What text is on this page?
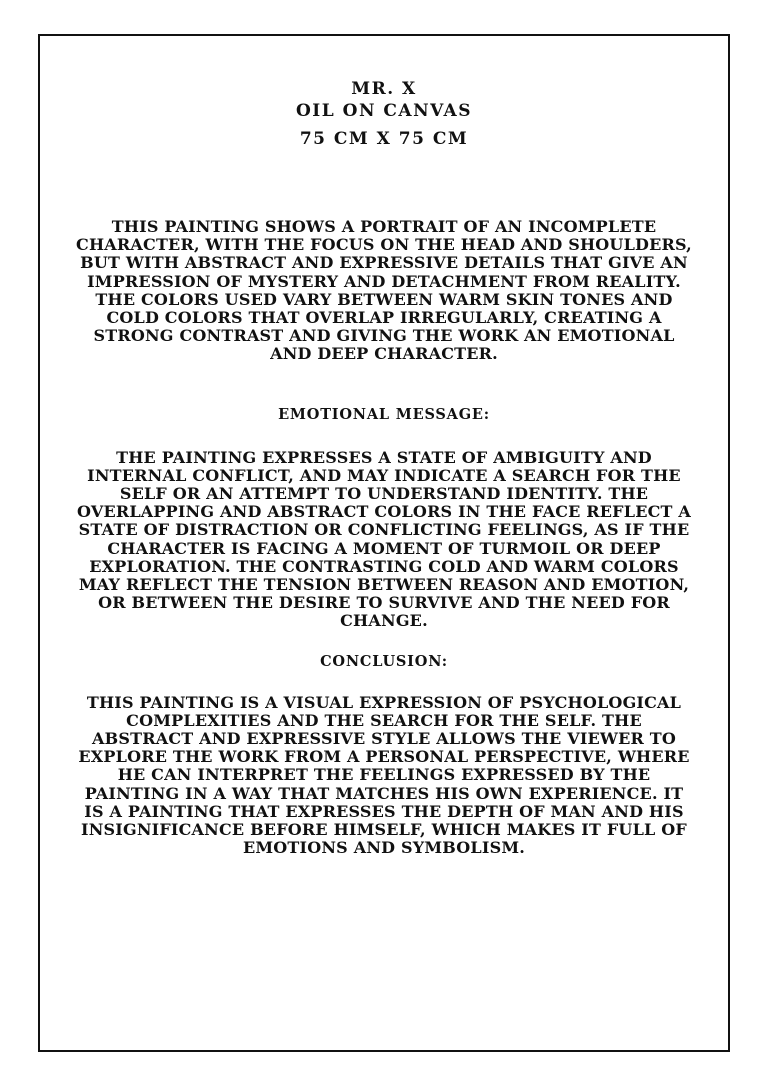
MR. X
OIL ON CANVAS
75 CM X 75 CM

THIS PAINTING SHOWS A PORTRAIT OF AN INCOMPLETE CHARACTER, WITH THE FOCUS ON THE HEAD AND SHOULDERS, BUT WITH ABSTRACT AND EXPRESSIVE DETAILS THAT GIVE AN IMPRESSION OF MYSTERY AND DETACHMENT FROM REALITY. THE COLORS USED VARY BETWEEN WARM SKIN TONES AND COLD COLORS THAT OVERLAP IRREGULARLY, CREATING A STRONG CONTRAST AND GIVING THE WORK AN EMOTIONAL AND DEEP CHARACTER.

EMOTIONAL MESSAGE:

THE PAINTING EXPRESSES A STATE OF AMBIGUITY AND INTERNAL CONFLICT, AND MAY INDICATE A SEARCH FOR THE SELF OR AN ATTEMPT TO UNDERSTAND IDENTITY. THE OVERLAPPING AND ABSTRACT COLORS IN THE FACE REFLECT A STATE OF DISTRACTION OR CONFLICTING FEELINGS, AS IF THE CHARACTER IS FACING A MOMENT OF TURMOIL OR DEEP EXPLORATION. THE CONTRASTING COLD AND WARM COLORS MAY REFLECT THE TENSION BETWEEN REASON AND EMOTION, OR BETWEEN THE DESIRE TO SURVIVE AND THE NEED FOR CHANGE.

CONCLUSION:

THIS PAINTING IS A VISUAL EXPRESSION OF PSYCHOLOGICAL COMPLEXITIES AND THE SEARCH FOR THE SELF. THE ABSTRACT AND EXPRESSIVE STYLE ALLOWS THE VIEWER TO EXPLORE THE WORK FROM A PERSONAL PERSPECTIVE, WHERE HE CAN INTERPRET THE FEELINGS EXPRESSED BY THE PAINTING IN A WAY THAT MATCHES HIS OWN EXPERIENCE. IT IS A PAINTING THAT EXPRESSES THE DEPTH OF MAN AND HIS INSIGNIFICANCE BEFORE HIMSELF, WHICH MAKES IT FULL OF EMOTIONS AND SYMBOLISM.
